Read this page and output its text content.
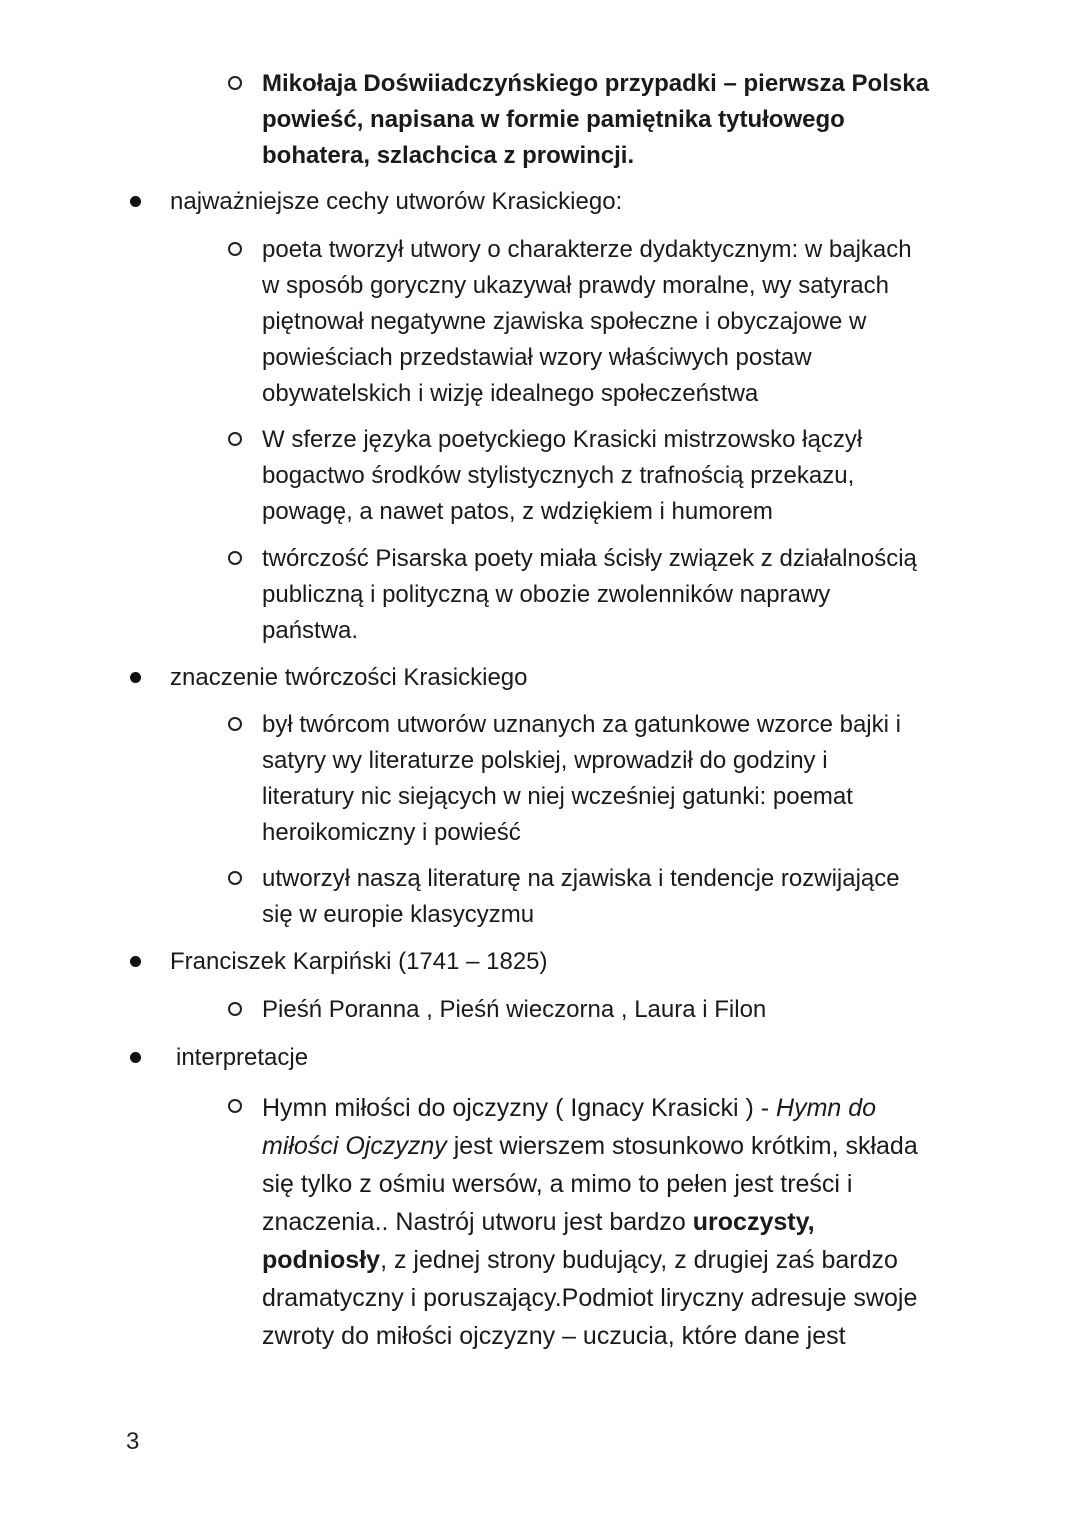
Mikołaja Doświiadczyńskiego przypadki – pierwsza Polska
powieść, napisana w formie pamiętnika tytułowego
bohatera, szlachcica z prowincji.
najważniejsze cechy utworów Krasickiego:
poeta tworzył utwory o charakterze dydaktycznym: w bajkach
w sposób goryczny ukazywał prawdy moralne, wy satyrach
piętnował negatywne zjawiska społeczne i obyczajowe w
powieściach przedstawiał wzory właściwych postaw
obywatelskich i wizję idealnego społeczeństwa
W sferze języka poetyckiego Krasicki mistrzowsko łączył
bogactwo środków stylistycznych z trafnością przekazu,
powagę, a nawet patos, z wdziękiem i humorem
twórczość Pisarska poety miała ścisły związek z działalnością
publiczną i polityczną w obozie zwolenników naprawy
państwa.
znaczenie twórczości Krasickiego
był twórcom utworów uznanych za gatunkowe wzorce bajki i
satyry wy literaturze polskiej, wprowadził do godziny i
literatury nic siejących w niej wcześniej gatunki: poemat
heroikomiczny i powieść
utworzył naszą literaturę na zjawiska i tendencje rozwijające
się w europie klasycyzmu
Franciszek Karpiński (1741 – 1825)
Pieśń Poranna , Pieśń wieczorna , Laura i Filon
interpretacje
Hymn miłości do ojczyzny ( Ignacy Krasicki ) - Hymn do
miłości Ojczyzny jest wierszem stosunkowo krótkim, składa
się tylko z ośmiu wersów, a mimo to pełen jest treści i
znaczenia.. Nastrój utworu jest bardzo uroczysty,
podniosły, z jednej strony budujący, z drugiej zaś bardzo
dramatyczny i poruszający.Podmiot liryczny adresuje swoje
zwroty do miłości ojczyzny – uczucia, które dane jest
3
